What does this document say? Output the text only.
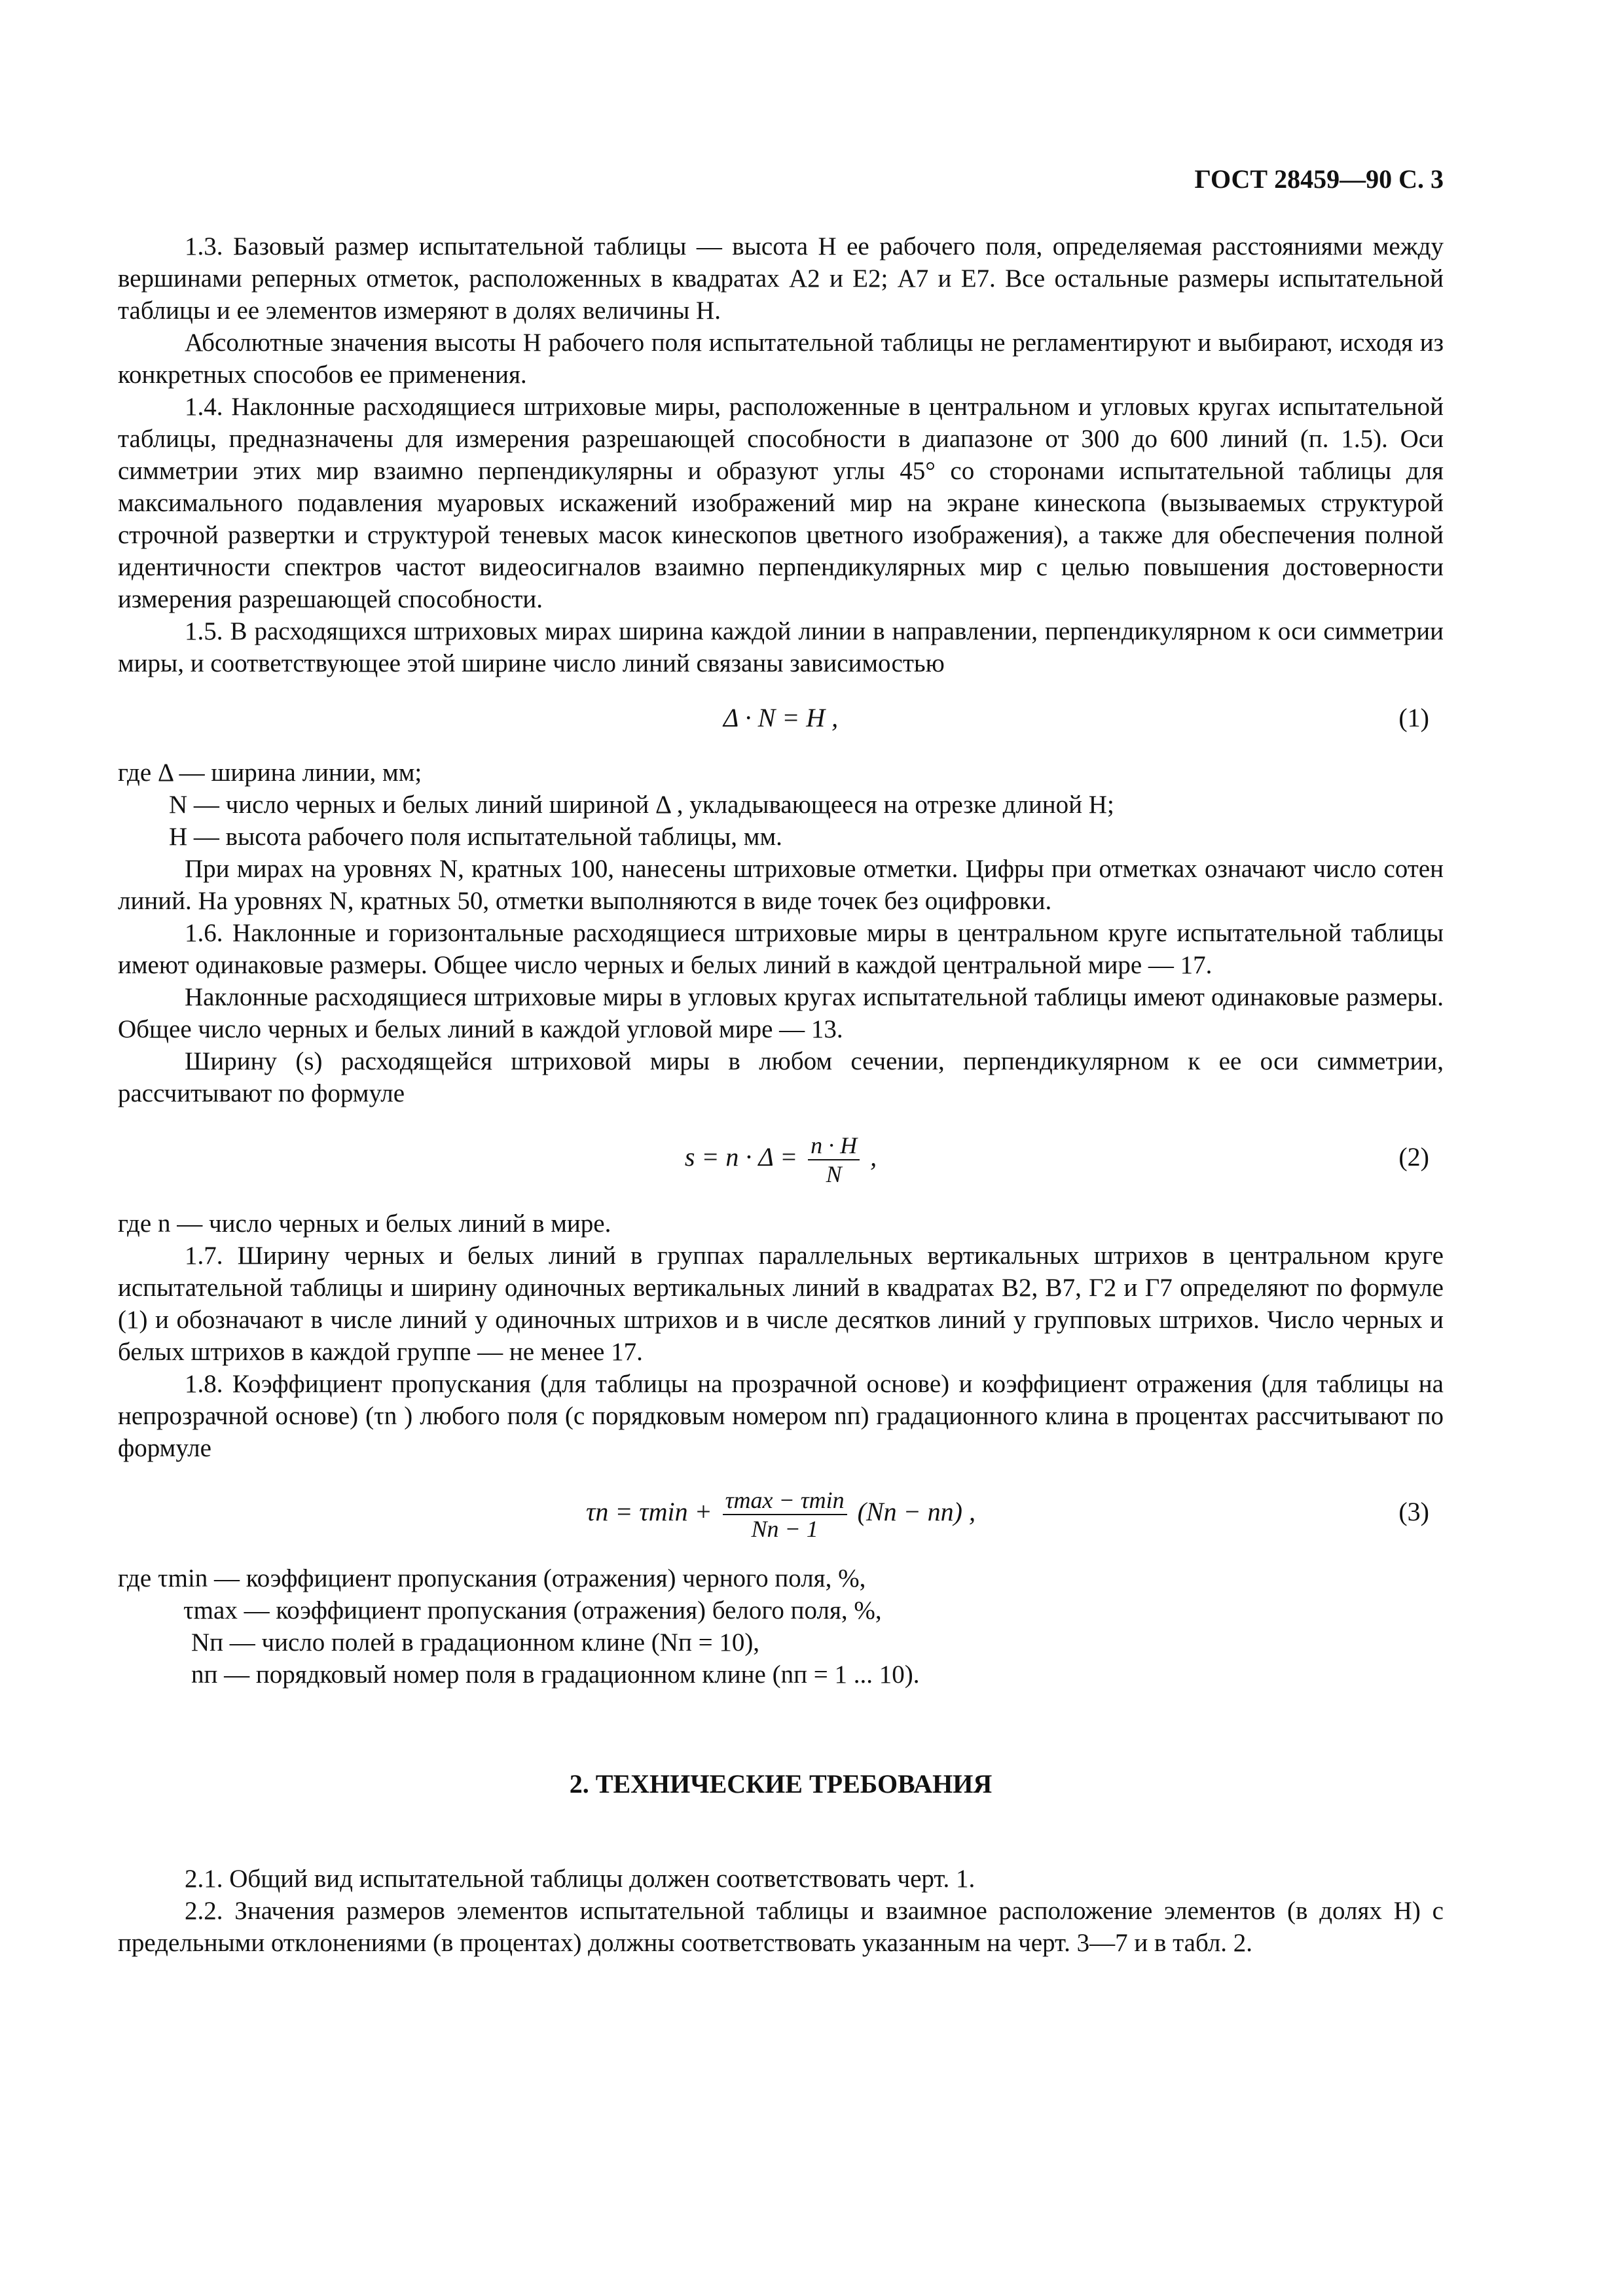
ГОСТ 28459—90 С. 3

1.3. Базовый размер испытательной таблицы — высота H ее рабочего поля, определяемая расстояниями между вершинами реперных отметок, расположенных в квадратах А2 и Е2; А7 и Е7. Все остальные размеры испытательной таблицы и ее элементов измеряют в долях величины H.

Абсолютные значения высоты H рабочего поля испытательной таблицы не регламентируют и выбирают, исходя из конкретных способов ее применения.

1.4. Наклонные расходящиеся штриховые миры, расположенные в центральном и угловых кругах испытательной таблицы, предназначены для измерения разрешающей способности в диапазоне от 300 до 600 линий (п. 1.5). Оси симметрии этих мир взаимно перпендикулярны и образуют углы 45° со сторонами испытательной таблицы для максимального подавления муаровых искажений изображений мир на экране кинескопа (вызываемых структурой строчной развертки и структурой теневых масок кинескопов цветного изображения), а также для обеспечения полной идентичности спектров частот видеосигналов взаимно перпендикулярных мир с целью повышения достоверности измерения разрешающей способности.

1.5. В расходящихся штриховых мирах ширина каждой линии в направлении, перпендикулярном к оси симметрии миры, и соответствующее этой ширине число линий связаны зависимостью

Δ · N = H ,	(1)

где Δ — ширина линии, мм;

N — число черных и белых линий шириной Δ , укладывающееся на отрезке длиной H;

H — высота рабочего поля испытательной таблицы, мм.

При мирах на уровнях N, кратных 100, нанесены штриховые отметки. Цифры при отметках означают число сотен линий. На уровнях N, кратных 50, отметки выполняются в виде точек без оцифровки.

1.6. Наклонные и горизонтальные расходящиеся штриховые миры в центральном круге испытательной таблицы имеют одинаковые размеры. Общее число черных и белых линий в каждой центральной мире — 17.

Наклонные расходящиеся штриховые миры в угловых кругах испытательной таблицы имеют одинаковые размеры. Общее число черных и белых линий в каждой угловой мире — 13.

Ширину (s) расходящейся штриховой миры в любом сечении, перпендикулярном к ее оси симметрии, рассчитывают по формуле

$s = n \cdot \Delta = \frac{n \cdot H}{N}$ ,	(2)

где n — число черных и белых линий в мире.

1.7. Ширину черных и белых линий в группах параллельных вертикальных штрихов в центральном круге испытательной таблицы и ширину одиночных вертикальных линий в квадратах В2, В7, Г2 и Г7 определяют по формуле (1) и обозначают в числе линий у одиночных штрихов и в числе десятков линий у групповых штрихов. Число черных и белых штрихов в каждой группе — не менее 17.

1.8. Коэффициент пропускания (для таблицы на прозрачной основе) и коэффициент отражения (для таблицы на непрозрачной основе) (τn ) любого поля (с порядковым номером nп) градационного клина в процентах рассчитывают по формуле

$\tau n = \tau\min + \frac{\tau\max - \tau\min}{Nп - 1} (Nп - nп)$ ,	(3)

где τmin — коэффициент пропускания (отражения) черного поля, %,

τmax — коэффициент пропускания (отражения) белого поля, %,

Nп — число полей в градационном клине (Nп = 10),

nп — порядковый номер поля в градационном клине (nп = 1 ... 10).

2. ТЕХНИЧЕСКИЕ ТРЕБОВАНИЯ

2.1. Общий вид испытательной таблицы должен соответствовать черт. 1.

2.2. Значения размеров элементов испытательной таблицы и взаимное расположение элементов (в долях Н) с предельными отклонениями (в процентах) должны соответствовать указанным на черт. 3—7 и в табл. 2.
